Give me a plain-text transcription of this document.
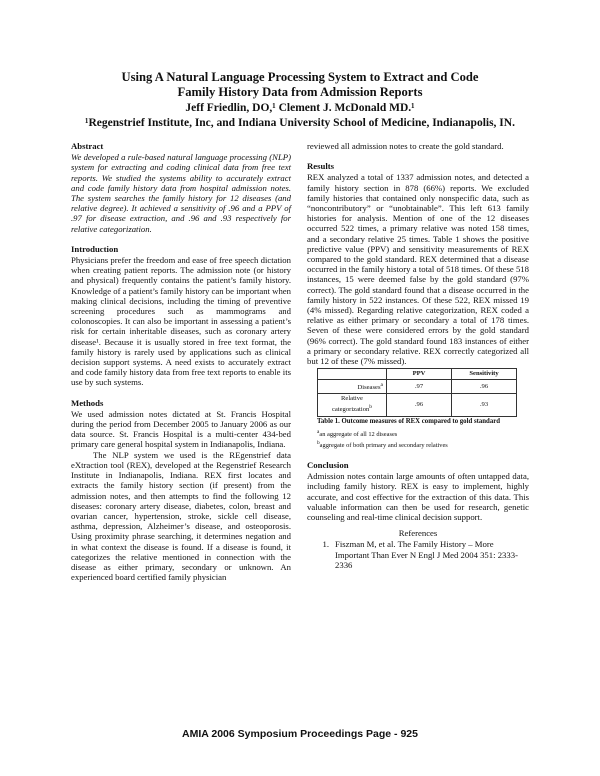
Using A Natural Language Processing System to Extract and Code
Family History Data from Admission Reports
Jeff Friedlin, DO,¹ Clement J. McDonald MD.¹
¹Regenstrief Institute, Inc, and Indiana University School of Medicine, Indianapolis, IN.
Abstract

We developed a rule-based natural language processing (NLP) system for extracting and coding clinical data from free text reports. We studied the systems ability to accurately extract and code family history data from hospital admission notes. The system searches the family history for 12 diseases (and relative degree). It achieved a sensitivity of .96 and a PPV of .97 for disease extraction, and .96 and .93 respectively for relative categorization.

Introduction

Physicians prefer the freedom and ease of free speech dictation when creating patient reports. The admission note (or history and physical) frequently contains the patient’s family history. Knowledge of a patient’s family history can be important when making clinical decisions, including the timing of preventive screening procedures such as mammograms and colonoscopies. It can also be important in assessing a patient’s risk for certain inheritable diseases, such as coronary artery disease¹. Because it is usually stored in free text format, the family history is rarely used by applications such as clinical decision support systems. A need exists to accurately extract and code family history data from free text reports to enable its use by such systems.

Methods

We used admission notes dictated at St. Francis Hospital during the period from December 2005 to January 2006 as our data source. St. Francis Hospital is a multi-center 434-bed primary care general hospital system in Indianapolis, Indiana.

The NLP system we used is the REgenstrief data eXtraction tool (REX), developed at the Regenstrief Research Institute in Indianapolis, Indiana. REX first locates and extracts the family history section (if present) from the admission notes, and then attempts to find the following 12 diseases: coronary artery disease, diabetes, colon, breast and ovarian cancer, hypertension, stroke, sickle cell disease, asthma, depression, Alzheimer’s disease, and osteoporosis. Using proximity phrase searching, it determines negation and in what context the disease is found. If a disease is found, it categorizes the relative mentioned in connection with the disease as either primary, secondary or unknown. An experienced board certified family physician

reviewed all admission notes to create the gold standard.

Results

REX analyzed a total of 1337 admission notes, and detected a family history section in 878 (66%) reports. We excluded family histories that contained only nonspecific data, such as “noncontributory” or “unobtainable”. This left 613 family histories for analysis. Mention of one of the 12 diseases occurred 522 times, a primary relative was noted 158 times, and a secondary relative 25 times. Table 1 shows the positive predictive value (PPV) and sensitivity measurements of REX compared to the gold standard. REX determined that a disease occurred in the family history a total of 518 times. Of these 518 instances, 15 were deemed false by the gold standard (97% correct). The gold standard found that a disease occurred in the family history in 522 instances. Of these 522, REX missed 19 (4% missed). Regarding relative categorization, REX coded a relative as either primary or secondary a total of 178 times. Seven of these were considered errors by the gold standard (96% correct). The gold standard found 183 instances of either a primary or secondary relative. REX correctly categorized all but 12 of these (7% missed).

	PPV	Sensitivity
Diseases$^a$	.97	.96
Relative
categorization$^b$	.96	.93
Table 1. Outcome measures of REX compared to gold standard
$^a$an aggregate of all 12 diseases
$^b$aggregate of both primary and secondary relatives
Conclusion

Admission notes contain large amounts of often untapped data, including family history. REX is easy to implement, highly accurate, and cost effective for the extraction of this data. This valuable information can then be used for research, genetic counseling and real-time clinical decision support.

References
1. Fiszman M, et al. The Family History – More Important Than Ever N Engl J Med 2004 351: 2333-2336
AMIA 2006 Symposium Proceedings Page - 925
